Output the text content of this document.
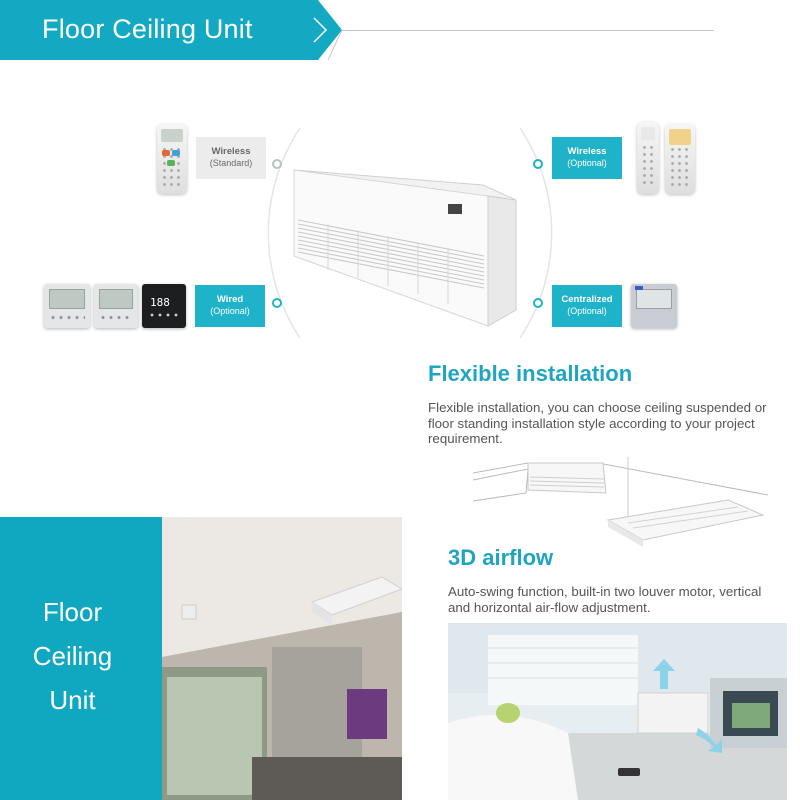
Floor Ceiling Unit
Wireless
(Standard)
Wireless
(Optional)
188	Wired
(Optional)
Centralized
(Optional)
Flexible installation
Flexible installation, you can choose ceiling suspended or floor standing installation style according to your project requirement.
3D airflow
Auto-swing function, built-in two louver motor, vertical and horizontal air-flow adjustment.
Floor
Ceiling
Unit
